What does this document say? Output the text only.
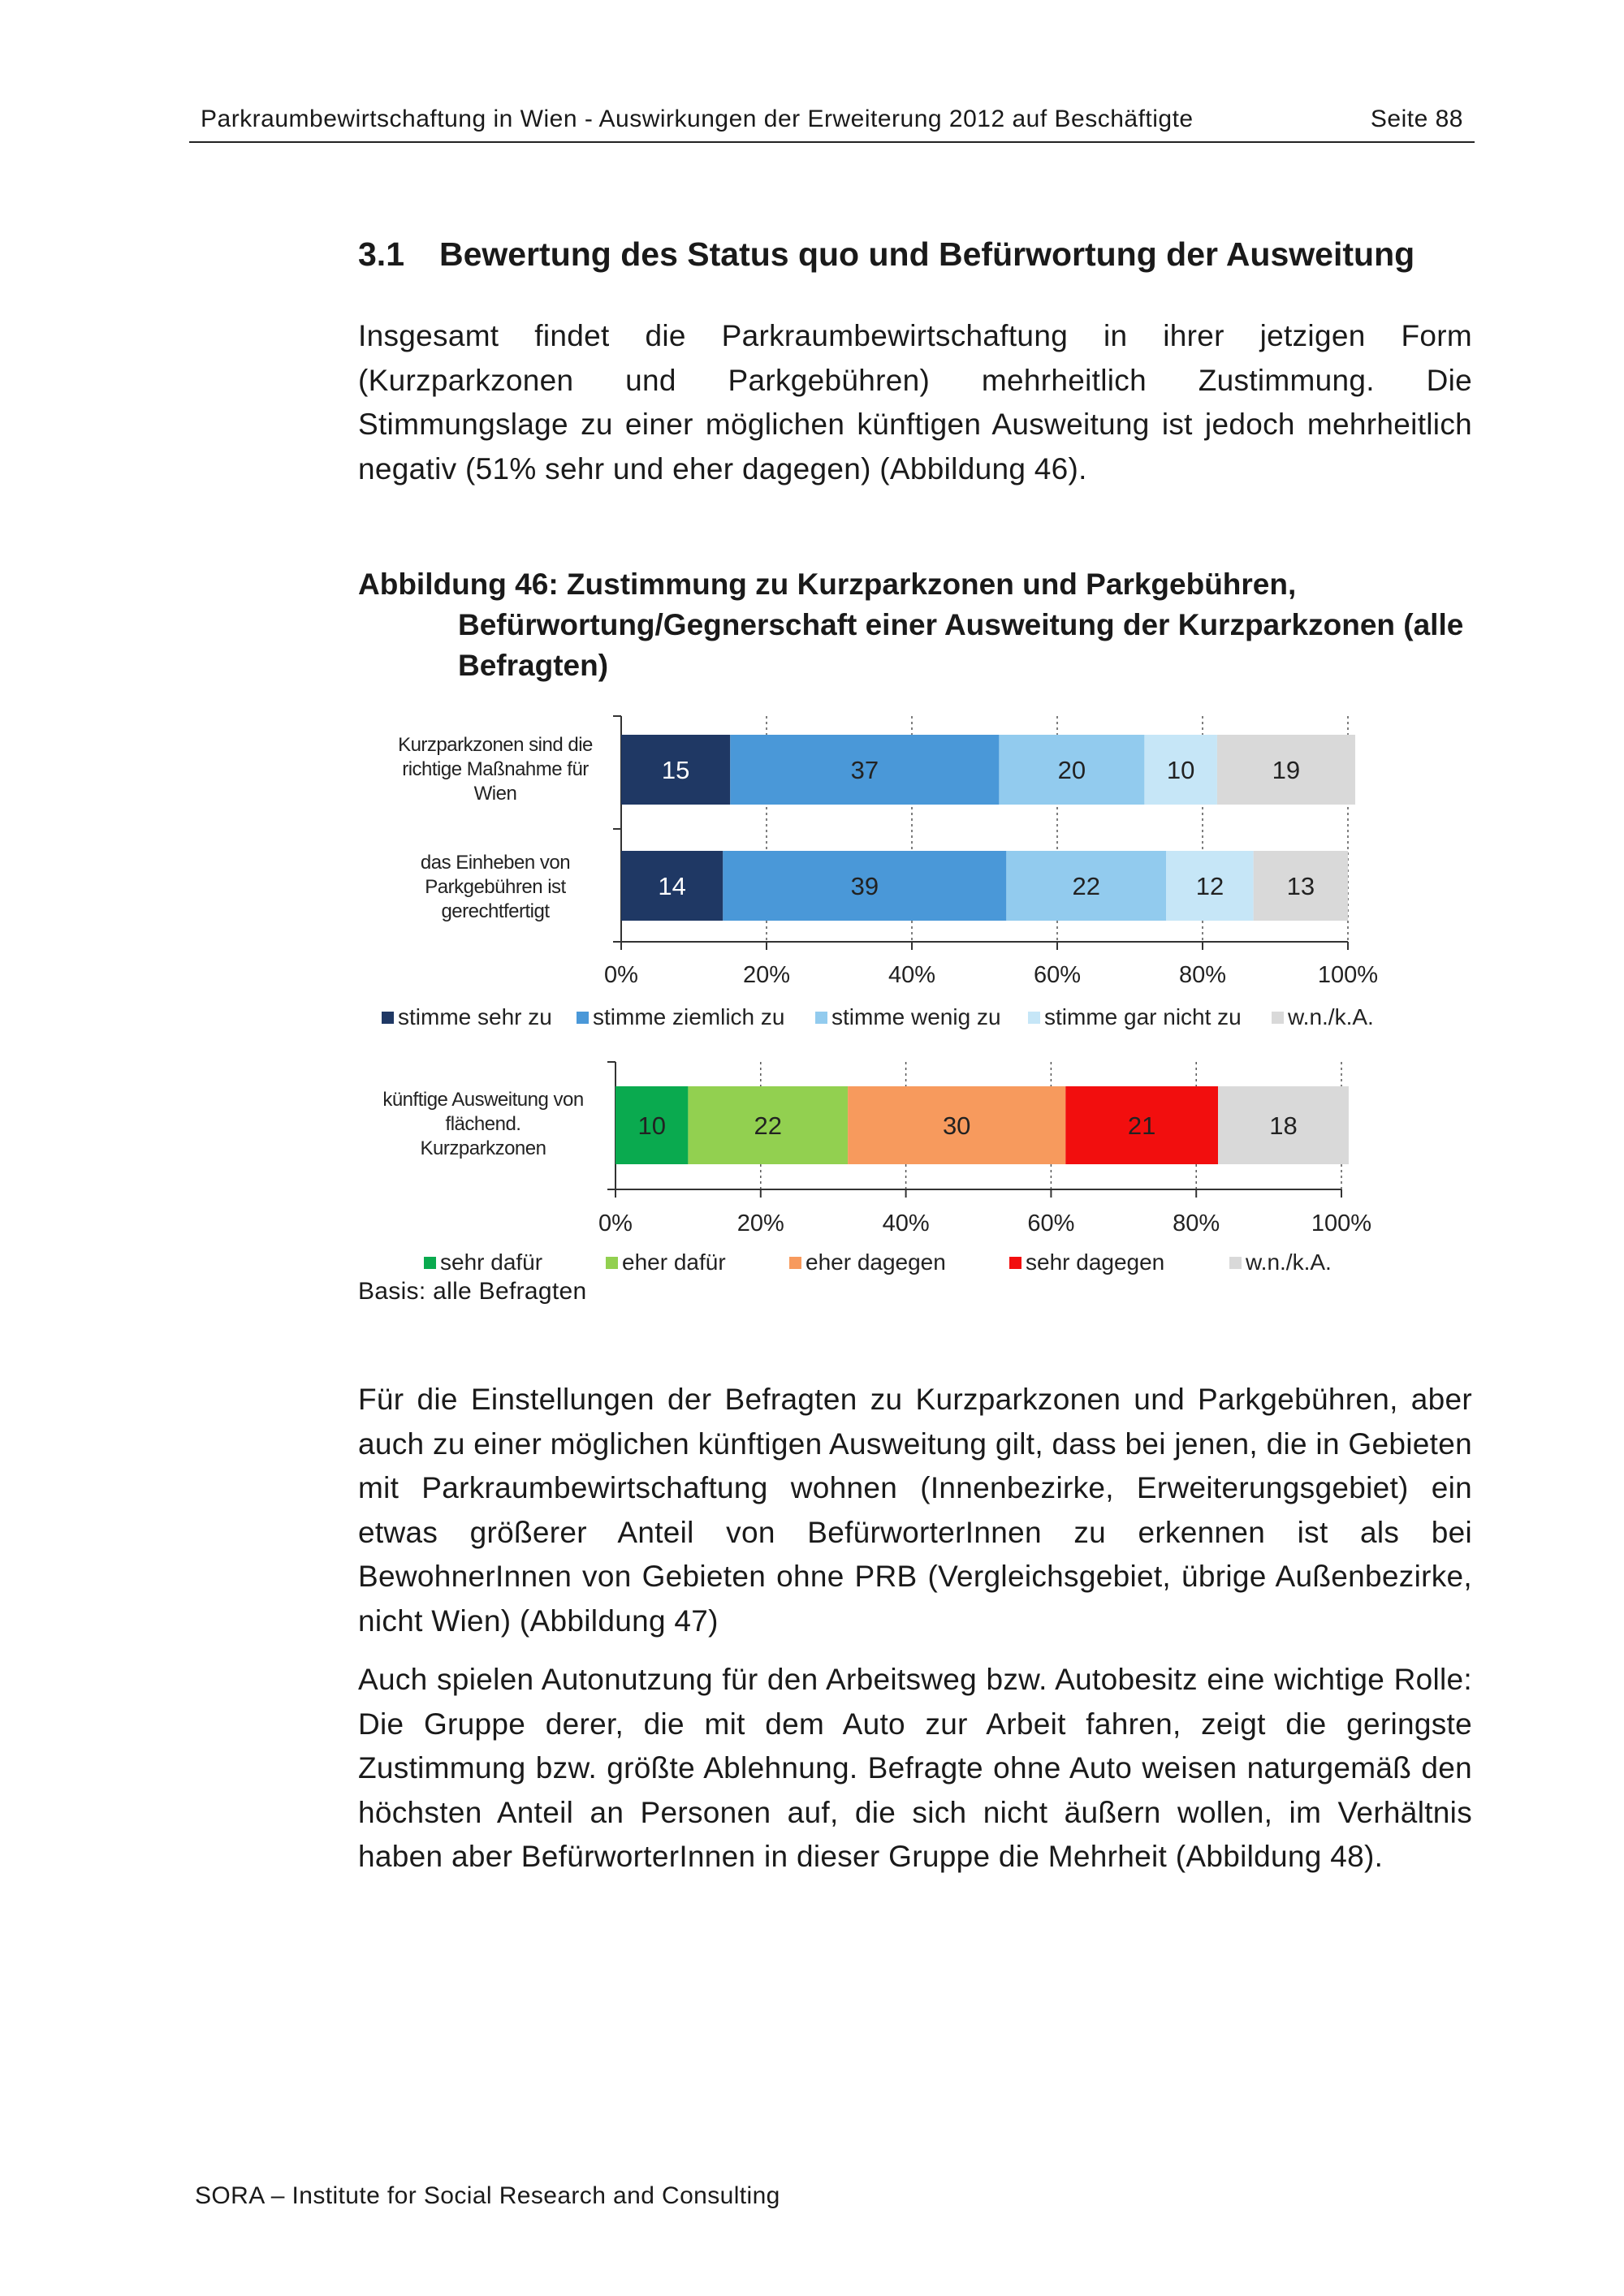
Parkraumbewirtschaftung in Wien - Auswirkungen der Erweiterung 2012 auf Beschäftigte	Seite 88
3.1 Bewertung des Status quo und Befürwortung der Ausweitung

Insgesamt findet die Parkraumbewirtschaftung in ihrer jetzigen Form (Kurzparkzonen und Parkgebühren) mehrheitlich Zustimmung. Die Stimmungslage zu einer möglichen künftigen Ausweitung ist jedoch mehrheitlich negativ (51% sehr und eher dagegen) (Abbildung 46).

Abbildung 46: Zustimmung zu Kurzparkzonen und Parkgebühren, Befürwortung/Gegnerschaft einer Ausweitung der Kurzparkzonen (alle Befragten)
0%	20%	40%	60%	80%	100%
15	37	20	10	19
14	39	22	12 13
stimme sehr zu stimme ziemlich zu stimme wenig zu stimme gar nicht zu w.n./k.A.
0%	20%	40%	60%	80%	100%
10	22	30	21	18
sehr dafür	eher dafür	eher dagegen	sehr dagegen	w.n./k.A.
Kurzparkzonen sind die
richtige Maßnahme für
Wien
das Einheben von
Parkgebühren ist
gerechtfertigt
künftige Ausweitung von
flächend.
Kurzparkzonen
Basis: alle Befragten

Für die Einstellungen der Befragten zu Kurzparkzonen und Parkgebühren, aber auch zu einer möglichen künftigen Ausweitung gilt, dass bei jenen, die in Gebieten mit Parkraumbewirtschaftung wohnen (Innenbezirke, Erweiterungsgebiet) ein etwas größerer Anteil von BefürworterInnen zu erkennen ist als bei BewohnerInnen von Gebieten ohne PRB (Vergleichsgebiet, übrige Außenbezirke, nicht Wien) (Abbildung 47)

Auch spielen Autonutzung für den Arbeitsweg bzw. Autobesitz eine wichtige Rolle: Die Gruppe derer, die mit dem Auto zur Arbeit fahren, zeigt die geringste Zustimmung bzw. größte Ablehnung. Befragte ohne Auto weisen naturgemäß den höchsten Anteil an Personen auf, die sich nicht äußern wollen, im Verhältnis haben aber BefürworterInnen in dieser Gruppe die Mehrheit (Abbildung 48).

SORA – Institute for Social Research and Consulting
